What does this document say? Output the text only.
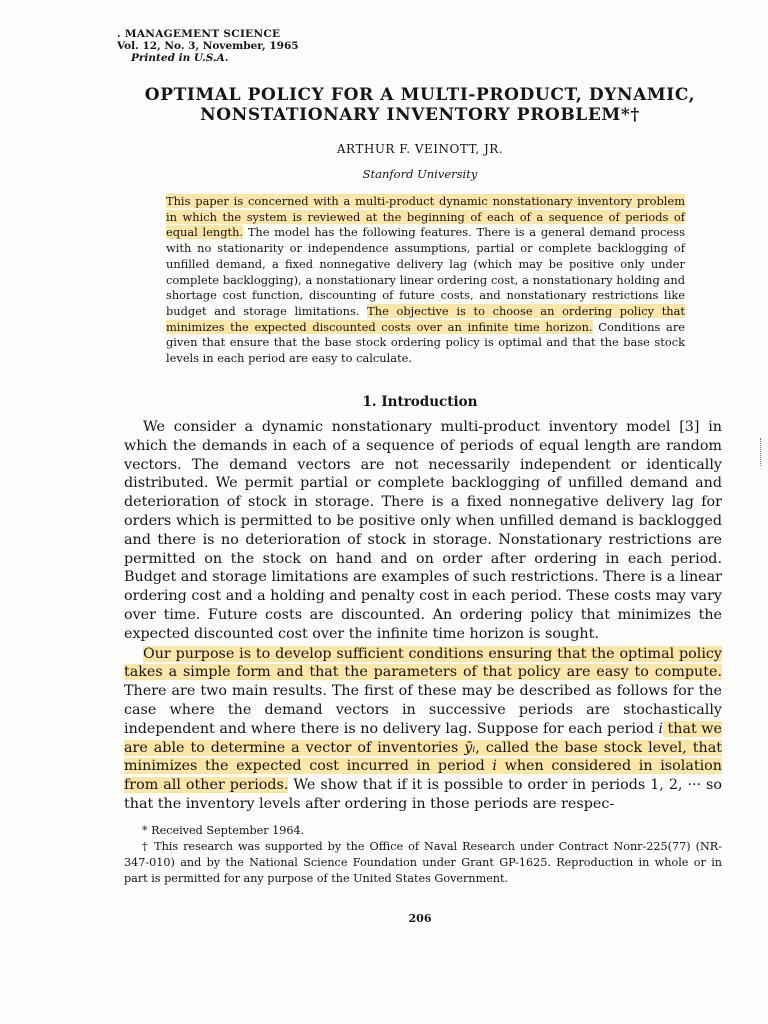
. MANAGEMENT SCIENCE
Vol. 12, No. 3, November, 1965
Printed in U.S.A.
OPTIMAL POLICY FOR A MULTI-PRODUCT, DYNAMIC, NONSTATIONARY INVENTORY PROBLEM*†
ARTHUR F. VEINOTT, JR.
Stanford University
This paper is concerned with a multi-product dynamic nonstationary inventory problem in which the system is reviewed at the beginning of each of a sequence of periods of equal length. The model has the following features. There is a general demand process with no stationarity or independence assumptions, partial or complete backlogging of unfilled demand, a fixed nonnegative delivery lag (which may be positive only under complete backlogging), a nonstationary linear ordering cost, a nonstationary holding and shortage cost function, discounting of future costs, and nonstationary restrictions like budget and storage limitations. The objective is to choose an ordering policy that minimizes the expected discounted costs over an infinite time horizon. Conditions are given that ensure that the base stock ordering policy is optimal and that the base stock levels in each period are easy to calculate.
1. Introduction

We consider a dynamic nonstationary multi-product inventory model [3] in which the demands in each of a sequence of periods of equal length are random vectors. The demand vectors are not necessarily independent or identically distributed. We permit partial or complete backlogging of unfilled demand and deterioration of stock in storage. There is a fixed nonnegative delivery lag for orders which is permitted to be positive only when unfilled demand is backlogged and there is no deterioration of stock in storage. Nonstationary restrictions are permitted on the stock on hand and on order after ordering in each period. Budget and storage limitations are examples of such restrictions. There is a linear ordering cost and a holding and penalty cost in each period. These costs may vary over time. Future costs are discounted. An ordering policy that minimizes the expected discounted cost over the infinite time horizon is sought.

Our purpose is to develop sufficient conditions ensuring that the optimal policy takes a simple form and that the parameters of that policy are easy to compute. There are two main results. The first of these may be described as follows for the case where the demand vectors in successive periods are stochastically independent and where there is no delivery lag. Suppose for each period i that we are able to determine a vector of inventories ȳᵢ, called the base stock level, that minimizes the expected cost incurred in period i when considered in isolation from all other periods. We show that if it is possible to order in periods 1, 2, ··· so that the inventory levels after ordering in those periods are respec-

* Received September 1964.

† This research was supported by the Office of Naval Research under Contract Nonr-225(77) (NR-347-010) and by the National Science Foundation under Grant GP-1625. Reproduction in whole or in part is permitted for any purpose of the United States Government.

206
